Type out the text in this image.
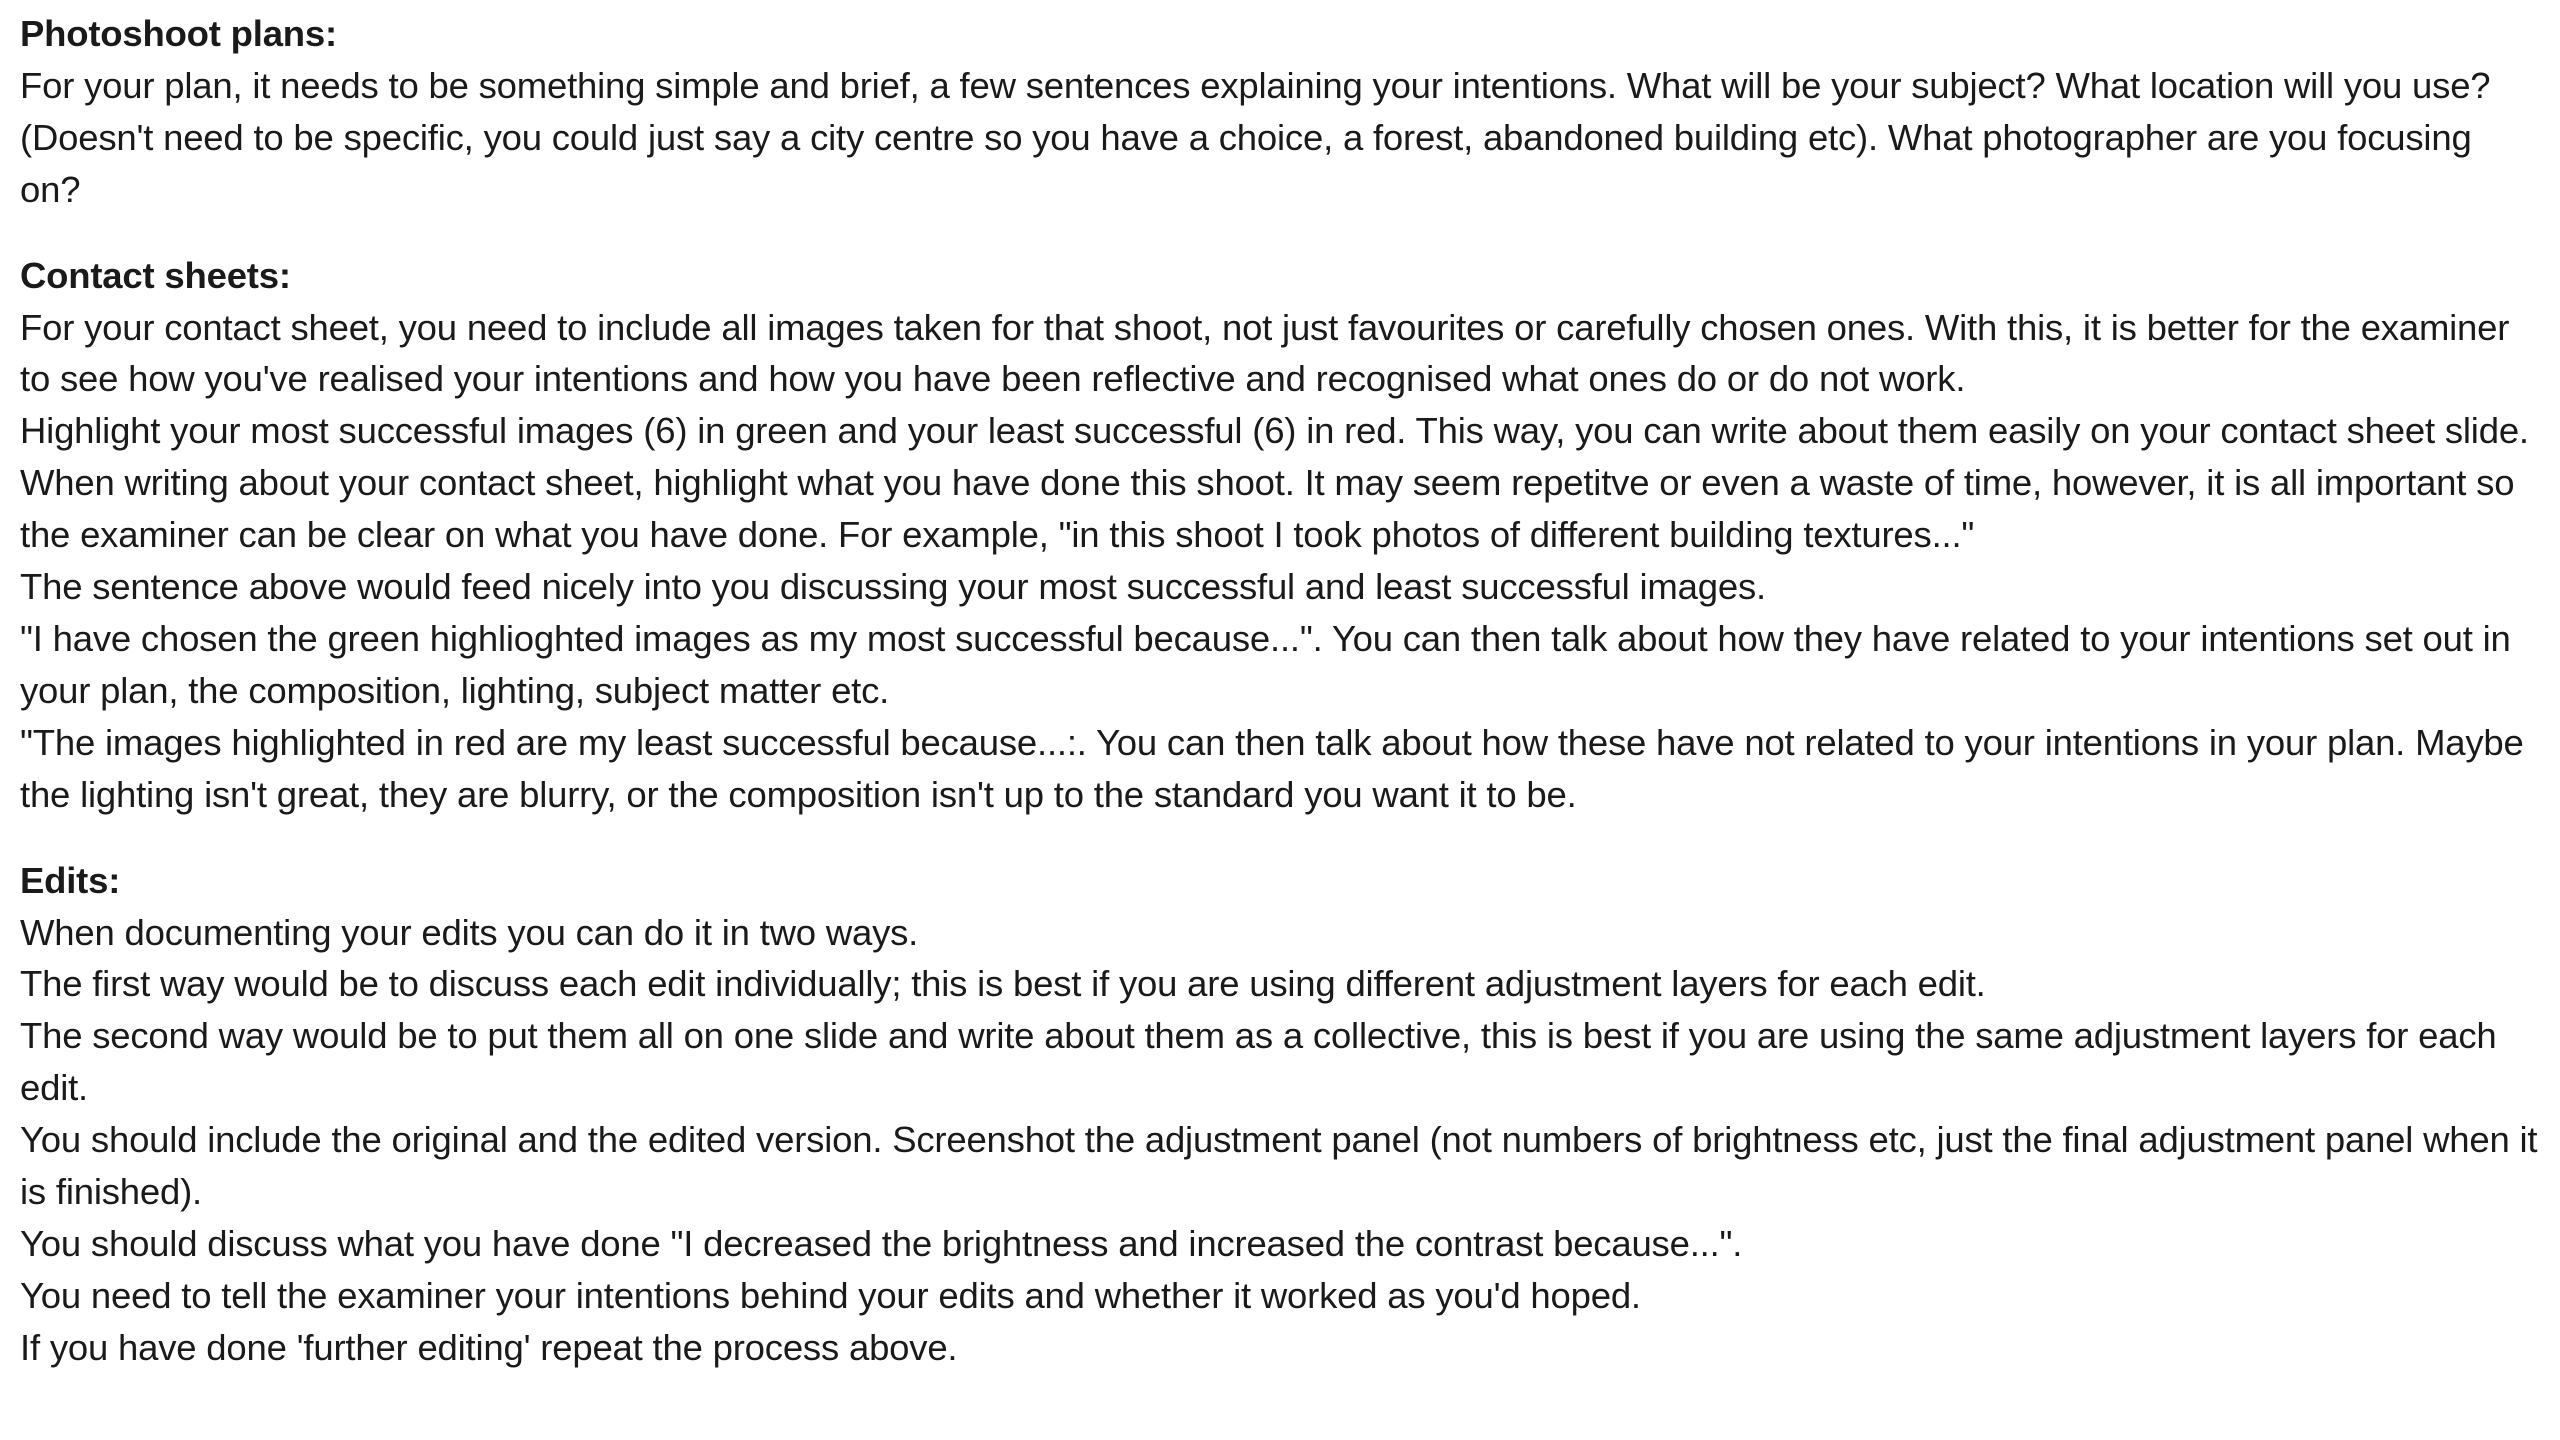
Photoshoot plans:

For your plan, it needs to be something simple and brief, a few sentences explaining your intentions. What will be your subject? What location will you use? (Doesn't need to be specific, you could just say a city centre so you have a choice, a forest, abandoned building etc). What photographer are you focusing on?

Contact sheets:

For your contact sheet, you need to include all images taken for that shoot, not just favourites or carefully chosen ones. With this, it is better for the examiner to see how you've realised your intentions and how you have been reflective and recognised what ones do or do not work.

Highlight your most successful images (6) in green and your least successful (6) in red. This way, you can write about them easily on your contact sheet slide.

When writing about your contact sheet, highlight what you have done this shoot. It may seem repetitve or even a waste of time, however, it is all important so the examiner can be clear on what you have done. For example, "in this shoot I took photos of different building textures..."

The sentence above would feed nicely into you discussing your most successful and least successful images.

"I have chosen the green highlioghted images as my most successful because...". You can then talk about how they have related to your intentions set out in your plan, the composition, lighting, subject matter etc.

"The images highlighted in red are my least successful because...:. You can then talk about how these have not related to your intentions in your plan. Maybe the lighting isn't great, they are blurry, or the composition isn't up to the standard you want it to be.

Edits:

When documenting your edits you can do it in two ways.

The first way would be to discuss each edit individually; this is best if you are using different adjustment layers for each edit.

The second way would be to put them all on one slide and write about them as a collective, this is best if you are using the same adjustment layers for each edit.

You should include the original and the edited version. Screenshot the adjustment panel (not numbers of brightness etc, just the final adjustment panel when it is finished).

You should discuss what you have done "I decreased the brightness and increased the contrast because...".

You need to tell the examiner your intentions behind your edits and whether it worked as you'd hoped.

If you have done 'further editing' repeat the process above.
